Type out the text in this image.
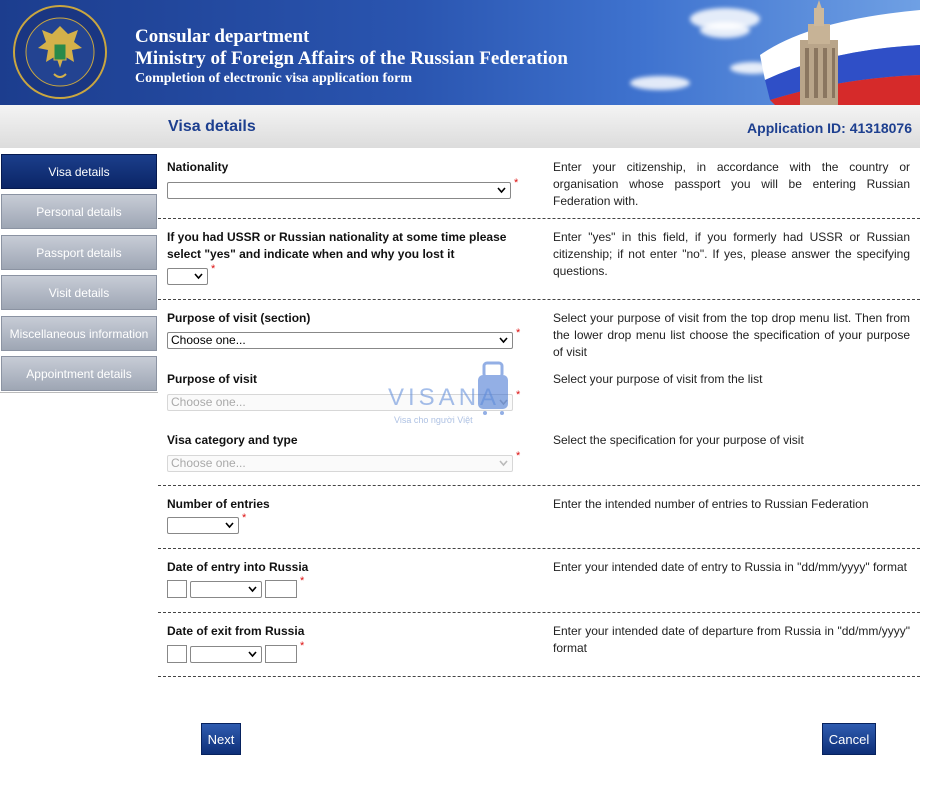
Consular department
Ministry of Foreign Affairs of the Russian Federation
Completion of electronic visa application form
Visa details	Application ID: 41318076
Visa details
Personal details
Passport details
Visit details
Miscellaneous information
Appointment details
Nationality
*
Enter your citizenship, in accordance with the country or organisation whose passport you will be entering Russian Federation with.
If you had USSR or Russian nationality at some time please select "yes" and indicate when and why you lost it
*
Enter "yes" in this field, if you formerly had USSR or Russian citizenship; if not enter "no". If yes, please answer the specifying questions.
Purpose of visit (section)
Choose one...	*
Select your purpose of visit from the top drop menu list. Then from the lower drop menu list choose the specification of your purpose of visit
Purpose of visit
Choose one...	*
Select your purpose of visit from the list
Visa category and type
Choose one...	*
Select the specification for your purpose of visit
Number of entries
*
Enter the intended number of entries to Russian Federation
Date of entry into Russia
*
Enter your intended date of entry to Russia in "dd/mm/yyyy" format
Date of exit from Russia
*
Enter your intended date of departure from Russia in "dd/mm/yyyy" format
VISANA
Visa cho người Việt
Next	Cancel
